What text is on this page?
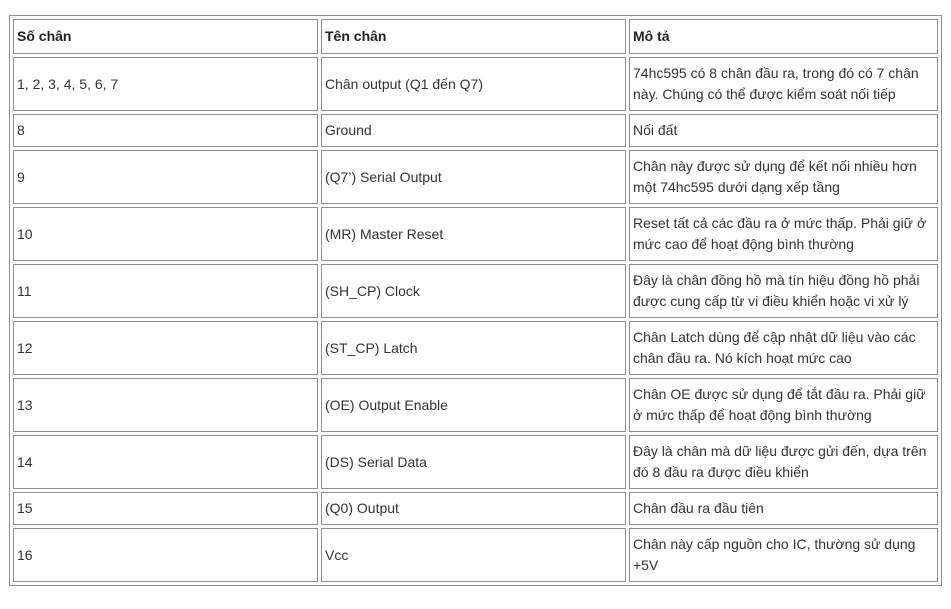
Số chân	Tên chân	Mô tả
1, 2, 3, 4, 5, 6, 7	Chân output (Q1 đến Q7)	74hc595 có 8 chân đầu ra, trong đó có 7 chân này. Chúng có thể được kiểm soát nối tiếp
8	Ground	Nối đất
9	(Q7’) Serial Output	Chân này được sử dụng để kết nối nhiều hơn một 74hc595 dưới dạng xếp tầng
10	(MR) Master Reset	Reset tất cả các đầu ra ở mức thấp. Phải giữ ở mức cao để hoạt động bình thường
11	(SH_CP) Clock	Đây là chân đồng hồ mà tín hiệu đồng hồ phải được cung cấp từ vi điều khiển hoặc vi xử lý
12	(ST_CP) Latch	Chân Latch dùng để cập nhật dữ liệu vào các chân đầu ra. Nó kích hoạt mức cao
13	(OE) Output Enable	Chân OE được sử dụng để tắt đầu ra. Phải giữ ở mức thấp để hoạt động bình thường
14	(DS) Serial Data	Đây là chân mà dữ liệu được gửi đến, dựa trên đó 8 đầu ra được điều khiển
15	(Q0) Output	Chân đầu ra đầu tiên
16	Vcc	Chân này cấp nguồn cho IC, thường sử dụng +5V
